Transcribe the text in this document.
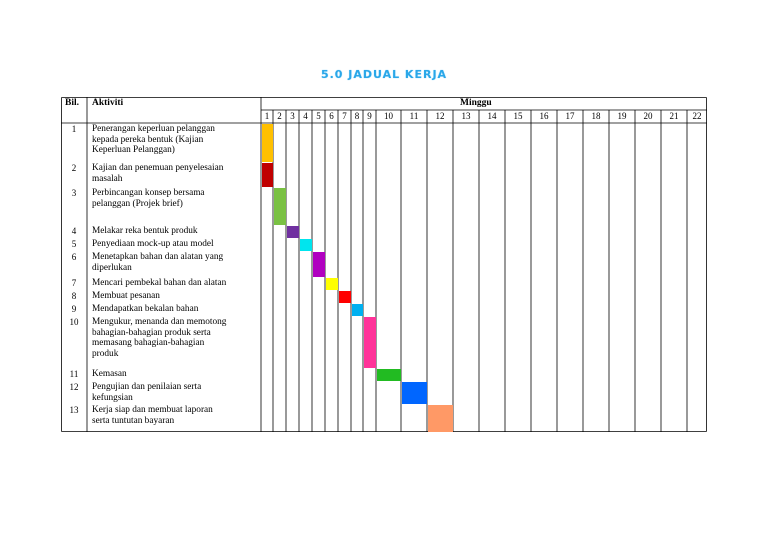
5.0 JADUAL KERJA
Bil. Aktiviti	Minggu
1 2 3 4 5 6 7 8 9 10 11 12 13 14 15 16 17 18 19 20 21 22
1	Penerangan keperluan pelanggan
kepada pereka bentuk (Kajian
Keperluan Pelanggan)
2	Kajian dan penemuan penyelesaian
masalah
3	Perbincangan konsep bersama
pelanggan (Projek brief)
4	Melakar reka bentuk produk
5	Penyediaan mock-up atau model
6	Menetapkan bahan dan alatan yang
diperlukan
7	Mencari pembekal bahan dan alatan
8	Membuat pesanan
9	Mendapatkan bekalan bahan
10	Mengukur, menanda dan memotong
bahagian-bahagian produk serta
memasang bahagian-bahagian
produk
11	Kemasan
12	Pengujian dan penilaian serta
kefungsian
13	Kerja siap dan membuat laporan
serta tuntutan bayaran
